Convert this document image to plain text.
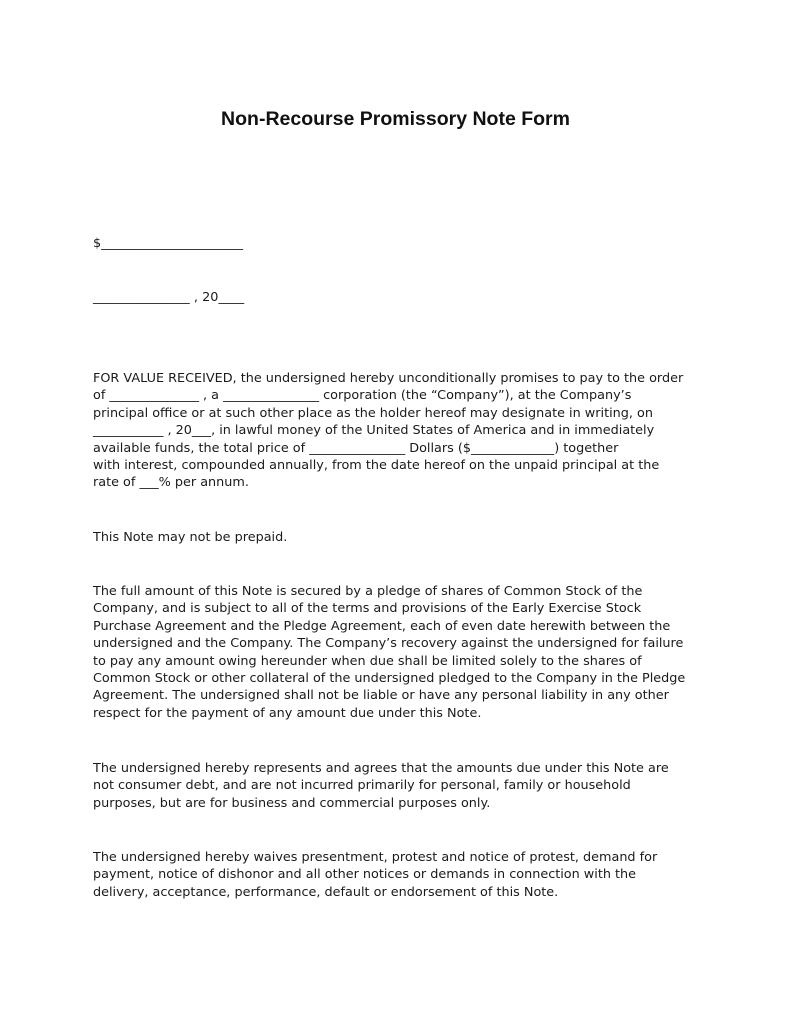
Non-Recourse Promissory Note Form

$______________________

_______________ , 20____

FOR VALUE RECEIVED, the undersigned hereby unconditionally promises to pay to the order
of ______________ , a _______________ corporation (the “Company”), at the Company’s
principal office or at such other place as the holder hereof may designate in writing, on
___________ , 20___, in lawful money of the United States of America and in immediately
available funds, the total price of _______________ Dollars ($_____________) together
with interest, compounded annually, from the date hereof on the unpaid principal at the
rate of ___% per annum.
This Note may not be prepaid.
The full amount of this Note is secured by a pledge of shares of Common Stock of the
Company, and is subject to all of the terms and provisions of the Early Exercise Stock
Purchase Agreement and the Pledge Agreement, each of even date herewith between the
undersigned and the Company. The Company’s recovery against the undersigned for failure
to pay any amount owing hereunder when due shall be limited solely to the shares of
Common Stock or other collateral of the undersigned pledged to the Company in the Pledge
Agreement. The undersigned shall not be liable or have any personal liability in any other
respect for the payment of any amount due under this Note.
The undersigned hereby represents and agrees that the amounts due under this Note are
not consumer debt, and are not incurred primarily for personal, family or household
purposes, but are for business and commercial purposes only.
The undersigned hereby waives presentment, protest and notice of protest, demand for
payment, notice of dishonor and all other notices or demands in connection with the
delivery, acceptance, performance, default or endorsement of this Note.
